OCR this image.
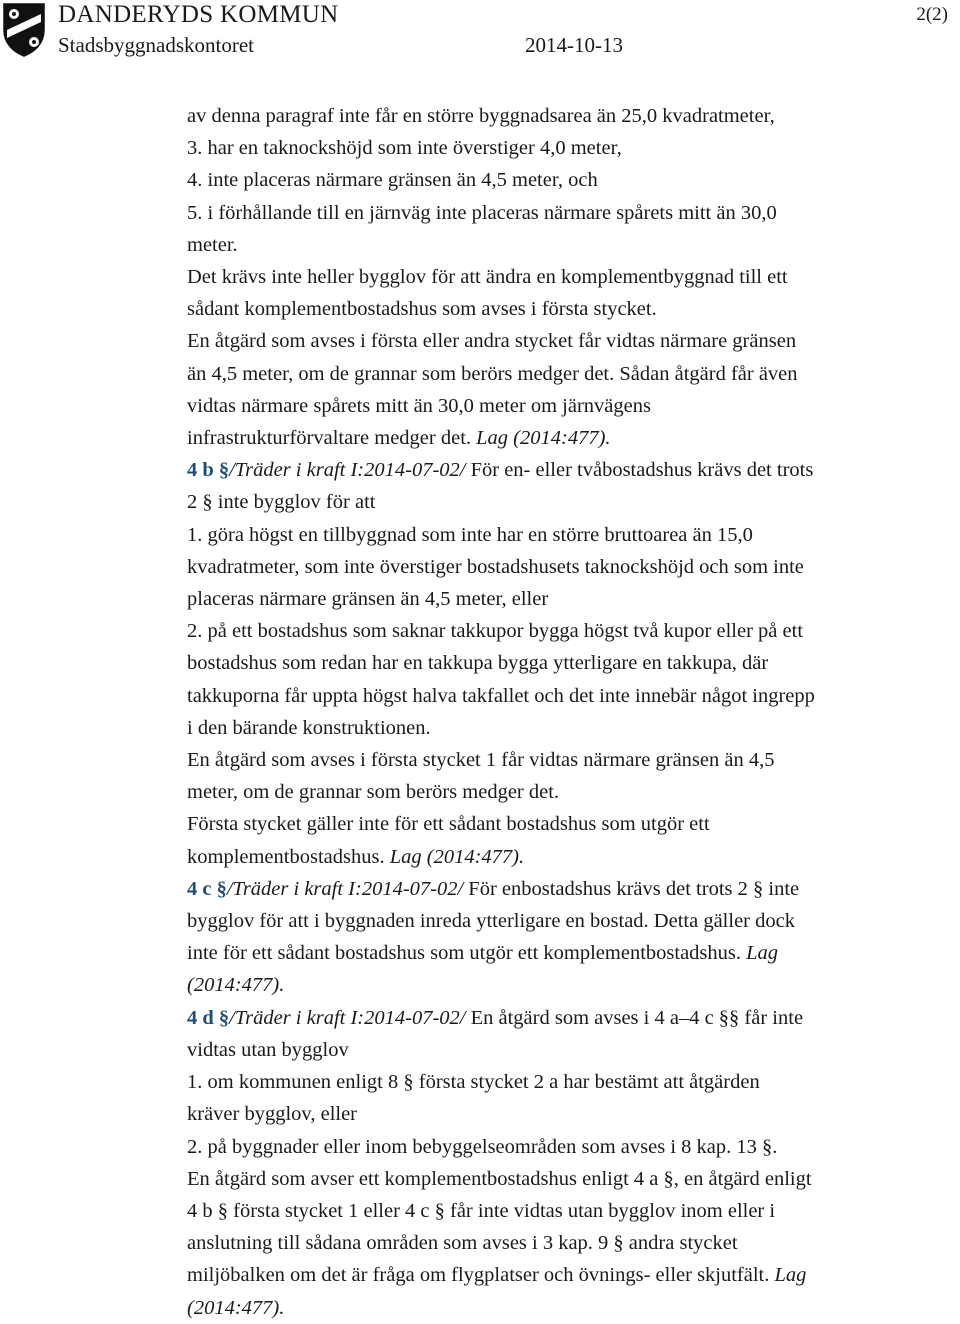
DANDERYDS KOMMUN
Stadsbyggnadskontoret	2014-10-13
2(2)

av denna paragraf inte får en större byggnadsarea än 25,0 kvadratmeter,

3. har en taknockshöjd som inte överstiger 4,0 meter,

4. inte placeras närmare gränsen än 4,5 meter, och

5. i förhållande till en järnväg inte placeras närmare spårets mitt än 30,0

meter.

Det krävs inte heller bygglov för att ändra en komplementbyggnad till ett

sådant komplementbostadshus som avses i första stycket.

En åtgärd som avses i första eller andra stycket får vidtas närmare gränsen

än 4,5 meter, om de grannar som berörs medger det. Sådan åtgärd får även

vidtas närmare spårets mitt än 30,0 meter om järnvägens

infrastrukturförvaltare medger det. Lag (2014:477).

4 b §/Träder i kraft I:2014-07-02/ För en- eller tvåbostadshus krävs det trots

2 § inte bygglov för att

1. göra högst en tillbyggnad som inte har en större bruttoarea än 15,0

kvadratmeter, som inte överstiger bostadshusets taknockshöjd och som inte

placeras närmare gränsen än 4,5 meter, eller

2. på ett bostadshus som saknar takkupor bygga högst två kupor eller på ett

bostadshus som redan har en takkupa bygga ytterligare en takkupa, där

takkuporna får uppta högst halva takfallet och det inte innebär något ingrepp

i den bärande konstruktionen.

En åtgärd som avses i första stycket 1 får vidtas närmare gränsen än 4,5

meter, om de grannar som berörs medger det.

Första stycket gäller inte för ett sådant bostadshus som utgör ett

komplementbostadshus. Lag (2014:477).

4 c §/Träder i kraft I:2014-07-02/ För enbostadshus krävs det trots 2 § inte

bygglov för att i byggnaden inreda ytterligare en bostad. Detta gäller dock

inte för ett sådant bostadshus som utgör ett komplementbostadshus. Lag

(2014:477).

4 d §/Träder i kraft I:2014-07-02/ En åtgärd som avses i 4 a–4 c §§ får inte

vidtas utan bygglov

1. om kommunen enligt 8 § första stycket 2 a har bestämt att åtgärden

kräver bygglov, eller

2. på byggnader eller inom bebyggelseområden som avses i 8 kap. 13 §.

En åtgärd som avser ett komplementbostadshus enligt 4 a §, en åtgärd enligt

4 b § första stycket 1 eller 4 c § får inte vidtas utan bygglov inom eller i

anslutning till sådana områden som avses i 3 kap. 9 § andra stycket

miljöbalken om det är fråga om flygplatser och övnings- eller skjutfält. Lag

(2014:477).
